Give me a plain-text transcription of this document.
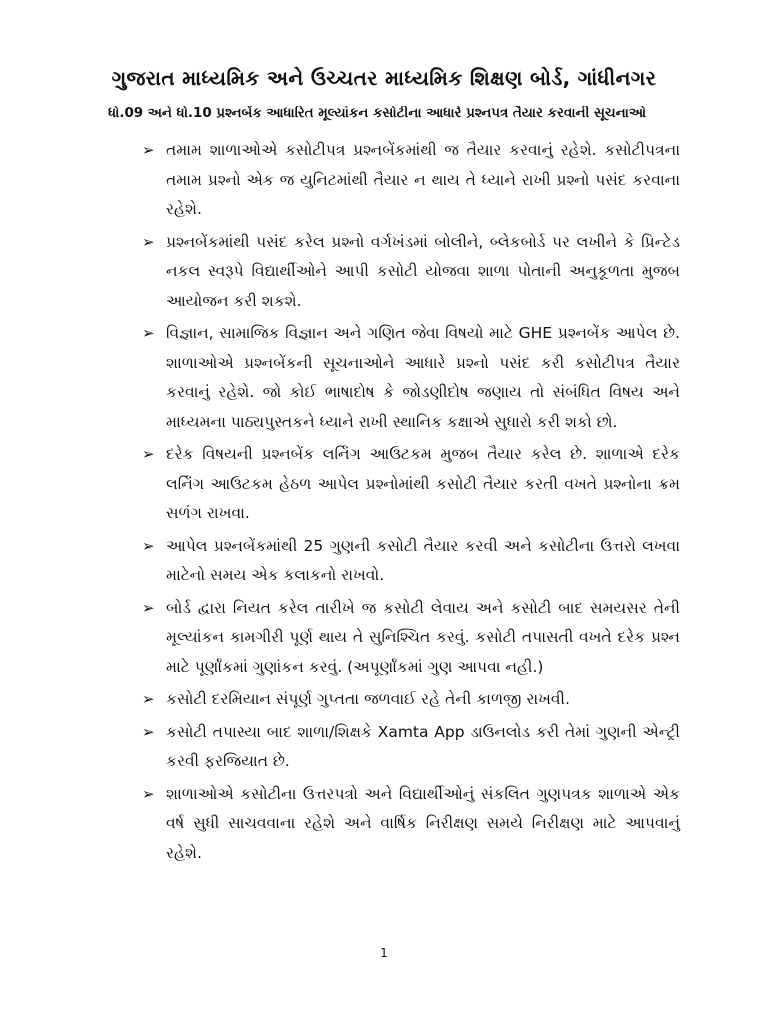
ગુજરાત માધ્યમિક અને ઉચ્ચતર માધ્યમિક શિક્ષણ બોર્ડ, ગાંધીનગર
ધો.09 અને ધો.10 પ્રશ્નબેંક આધારિત મૂલ્યાંકન કસોટીના આધારે પ્રશ્નપત્ર તૈયાર કરવાની સૂચનાઓ
➢ તમામ શાળાઓએ કસોટીપત્ર પ્રશ્નબેંકમાંથી જ તૈયાર કરવાનું રહેશે. કસોટીપત્રના તમામ પ્રશ્નો એક જ યુનિટમાંથી તૈયાર ન થાય તે ધ્યાને રાખી પ્રશ્નો પસંદ કરવાના રહેશે.
➢ પ્રશ્નબેંકમાંથી પસંદ કરેલ પ્રશ્નો વર્ગખંડમાં બોલીને, બ્લેકબોર્ડ પર લખીને કે પ્રિન્ટેડ નકલ સ્વરૂપે વિદ્યાર્થીઓને આપી કસોટી યોજવા શાળા પોતાની અનુકૂળતા મુજબ આયોજન કરી શકશે.
➢ વિજ્ઞાન, સામાજિક વિજ્ઞાન અને ગણિત જેવા વિષયો માટે GHE પ્રશ્નબેંક આપેલ છે. શાળાઓએ પ્રશ્નબેંકની સૂચનાઓને આધારે પ્રશ્નો પસંદ કરી કસોટીપત્ર તૈયાર કરવાનું રહેશે. જો કોઈ ભાષાદોષ કે જોડણીદોષ જણાય તો સંબંધિત વિષય અને માધ્યમના પાઠ્યપુસ્તકને ધ્યાને રાખી સ્થાનિક કક્ષાએ સુધારો કરી શકો છો.
➢ દરેક વિષયની પ્રશ્નબેંક લર્નિંગ આઉટકમ મુજબ તૈયાર કરેલ છે. શાળાએ દરેક લર્નિંગ આઉટકમ હેઠળ આપેલ પ્રશ્નોમાંથી કસોટી તૈયાર કરતી વખતે પ્રશ્નોના ક્રમ સળંગ રાખવા.
➢ આપેલ પ્રશ્નબેંકમાંથી 25 ગુણની કસોટી તૈયાર કરવી અને કસોટીના ઉત્તરો લખવા માટેનો સમય એક કલાકનો રાખવો.
➢ બોર્ડ દ્વારા નિયત કરેલ તારીખે જ કસોટી લેવાય અને કસોટી બાદ સમયસર તેની મૂલ્યાંકન કામગીરી પૂર્ણ થાય તે સુનિશ્ચિત કરવું. કસોટી તપાસતી વખતે દરેક પ્રશ્ન માટે પૂર્ણાંકમાં ગુણાંકન કરવું. (અપૂર્ણાંકમાં ગુણ આપવા નહી.)
➢ કસોટી દરમિયાન સંપૂર્ણ ગુપ્તતા જળવાઈ રહે તેની કાળજી રાખવી.
➢ કસોટી તપાસ્યા બાદ શાળા/શિક્ષકે Xamta App ડાઉનલોડ કરી તેમાં ગુણની એન્ટ્રી કરવી ફરજિયાત છે.
➢ શાળાઓએ કસોટીના ઉત્તરપત્રો અને વિદ્યાર્થીઓનું સંકલિત ગુણપત્રક શાળાએ એક વર્ષ સુધી સાચવવાના રહેશે અને વાર્ષિક નિરીક્ષણ સમયે નિરીક્ષણ માટે આપવાનું રહેશે.
1
